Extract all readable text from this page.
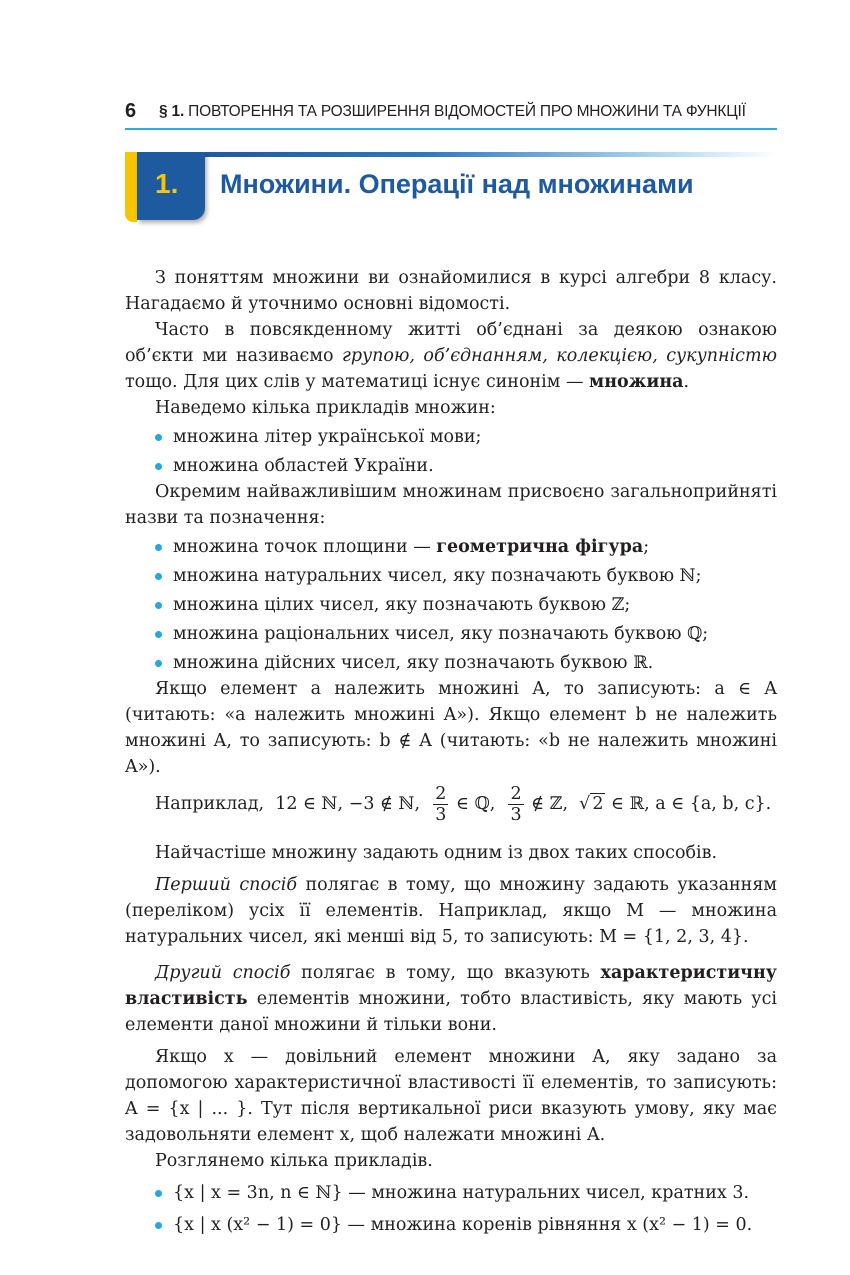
6 § 1. ПОВТОРЕННЯ ТА РОЗШИРЕННЯ ВІДОМОСТЕЙ ПРО МНОЖИНИ ТА ФУНКЦІЇ
1. Множини. Операції над множинами

З поняттям множини ви ознайомилися в курсі алгебри 8 класу. Нагадаємо й уточнимо основні відомості.

Часто в повсякденному житті об’єднані за деякою ознакою об’єкти ми називаємо групою, об’єднанням, колекцією, сукупністю тощо. Для цих слів у математиці існує синонім — множина.

Наведемо кілька прикладів множин:

множина літер української мови;
множина областей України.

Окремим найважливішим множинам присвоєно загальноприйняті назви та позначення:

множина точок площини — геометрична фігура;
множина натуральних чисел, яку позначають буквою ℕ;
множина цілих чисел, яку позначають буквою ℤ;
множина раціональних чисел, яку позначають буквою ℚ;
множина дійсних чисел, яку позначають буквою ℝ.

Якщо елемент a належить множині A, то записують: a ∈ A (читають: «a належить множині A»). Якщо елемент b не належить множині A, то записують: b ∉ A (читають: «b не належить множині A»).

Наприклад, 12 ∈ ℕ, −3 ∉ ℕ, $\frac{2}{3}$ ∈ ℚ, $\frac{2}{3}$ ∉ ℤ, √ 2 ∈ ℝ, a ∈ {a, b, c}.

Найчастіше множину задають одним із двох таких способів.

Перший спосіб полягає в тому, що множину задають указанням (переліком) усіх її елементів. Наприклад, якщо M — множина натуральних чисел, які менші від 5, то записують: M = {1, 2, 3, 4}.

Другий спосіб полягає в тому, що вказують характеристичну властивість елементів множини, тобто властивість, яку мають усі елементи даної множини й тільки вони.

Якщо x — довільний елемент множини A, яку задано за допомогою характеристичної властивості її елементів, то записують: A = {x | ... }. Тут після вертикальної риси вказують умову, яку має задовольняти елемент x, щоб належати множині A.

Розглянемо кілька прикладів.

{x | x = 3n, n ∈ ℕ} — множина натуральних чисел, кратних 3.
{x | x (x² − 1) = 0} — множина коренів рівняння x (x² − 1) = 0.
